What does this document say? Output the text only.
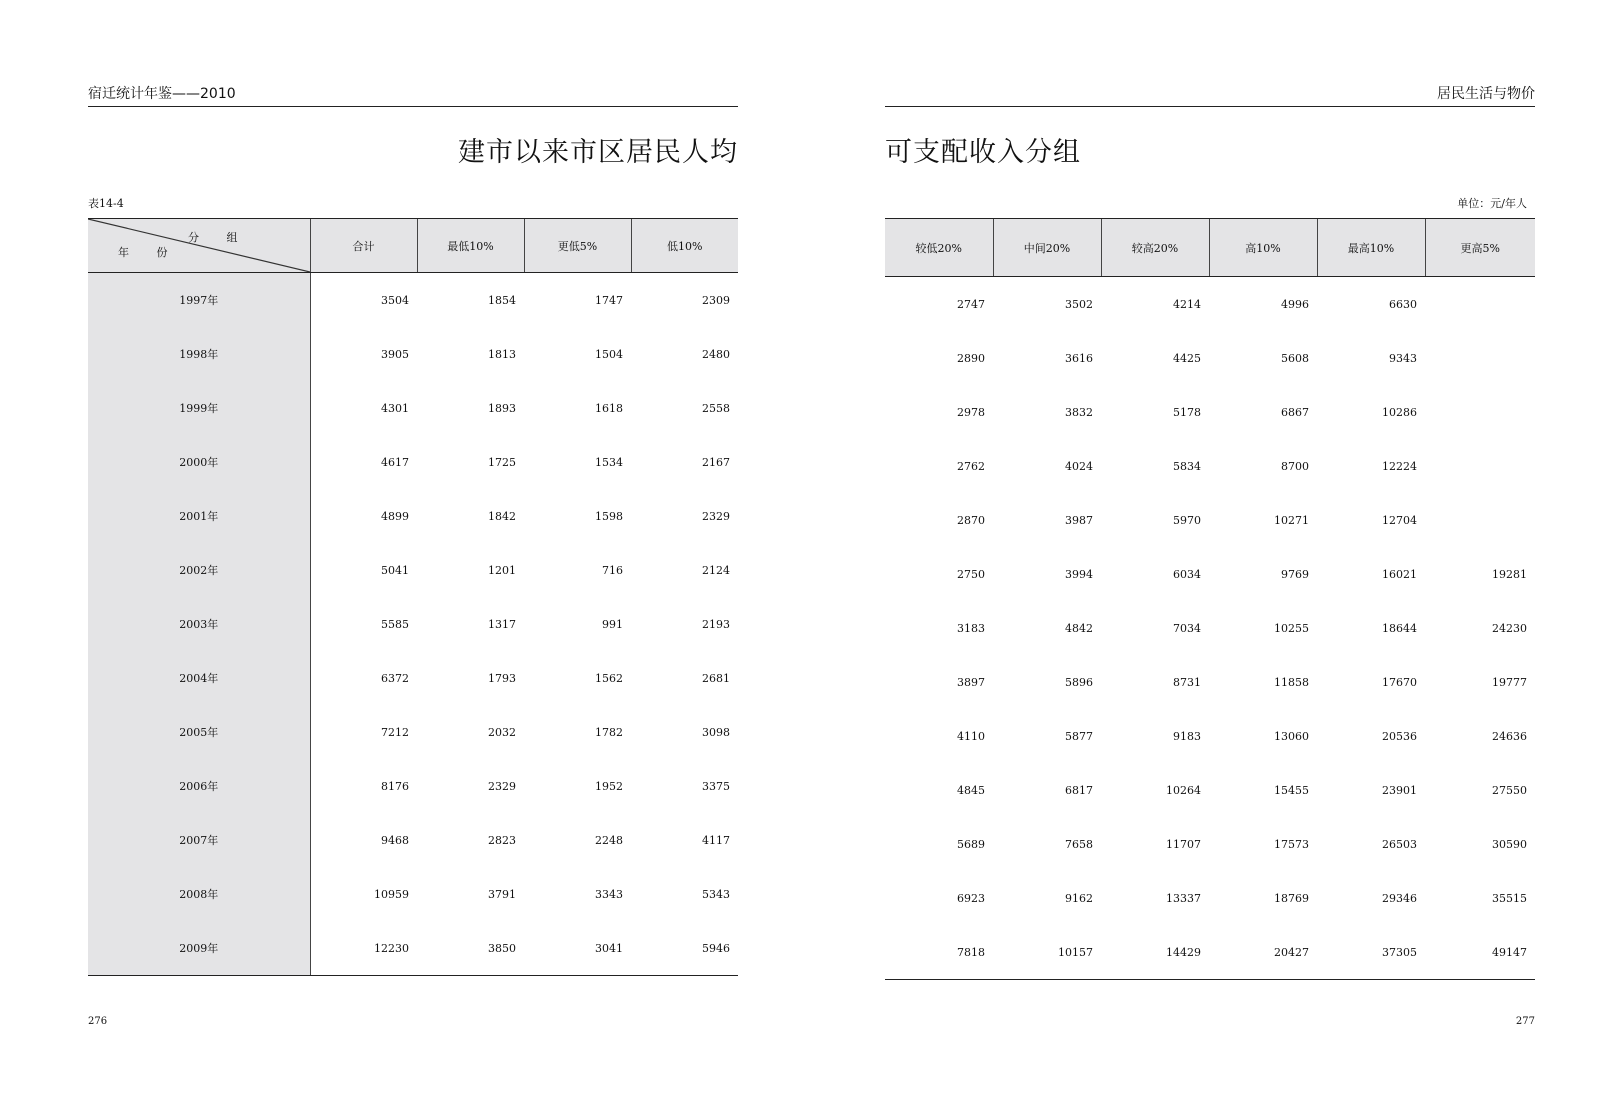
宿迁统计年鉴——2010
建市以来市区居民人均
表14-4
分 组
年 份	合计	最低10%	更低5%	低10%
1997年	3504	1854	1747	2309
1998年	3905	1813	1504	2480
1999年	4301	1893	1618	2558
2000年	4617	1725	1534	2167
2001年	4899	1842	1598	2329
2002年	5041	1201	716	2124
2003年	5585	1317	991	2193
2004年	6372	1793	1562	2681
2005年	7212	2032	1782	3098
2006年	8176	2329	1952	3375
2007年	9468	2823	2248	4117
2008年	10959	3791	3343	5343
2009年	12230	3850	3041	5946
276
居民生活与物价
可支配收入分组
单位：元/年人
较低20%	中间20%	较高20%	高10%	最高10%	更高5%
2747	3502	4214	4996	6630	
2890	3616	4425	5608	9343	
2978	3832	5178	6867	10286	
2762	4024	5834	8700	12224	
2870	3987	5970	10271	12704	
2750	3994	6034	9769	16021	19281
3183	4842	7034	10255	18644	24230
3897	5896	8731	11858	17670	19777
4110	5877	9183	13060	20536	24636
4845	6817	10264	15455	23901	27550
5689	7658	11707	17573	26503	30590
6923	9162	13337	18769	29346	35515
7818	10157	14429	20427	37305	49147
277
